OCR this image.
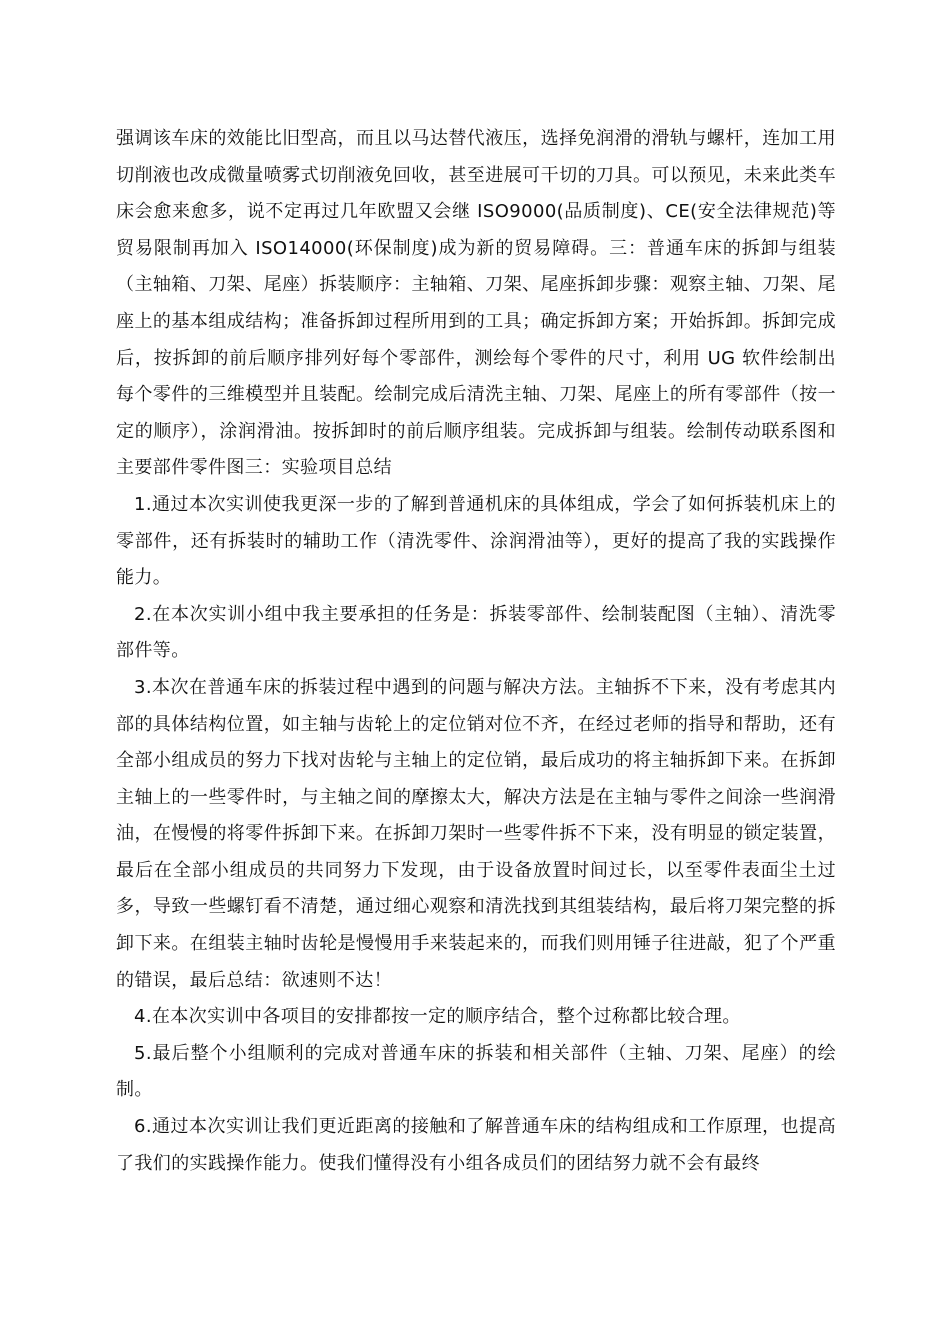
强调该车床的效能比旧型高，而且以马达替代液压，选择免润滑的滑轨与螺杆，连加工用切削液也改成微量喷雾式切削液免回收，甚至进展可干切的刀具。可以预见，未来此类车床会愈来愈多，说不定再过几年欧盟又会继 ISO9000(品质制度)、CE(安全法律规范)等贸易限制再加入 ISO14000(环保制度)成为新的贸易障碍。三：普通车床的拆卸与组装（主轴箱、刀架、尾座）拆装顺序：主轴箱、刀架、尾座拆卸步骤：观察主轴、刀架、尾座上的基本组成结构；准备拆卸过程所用到的工具；确定拆卸方案；开始拆卸。拆卸完成后，按拆卸的前后顺序排列好每个零部件，测绘每个零件的尺寸，利用 UG 软件绘制出每个零件的三维模型并且装配。绘制完成后清洗主轴、刀架、尾座上的所有零部件（按一定的顺序），涂润滑油。按拆卸时的前后顺序组装。完成拆卸与组装。绘制传动联系图和主要部件零件图三：实验项目总结

1.通过本次实训使我更深一步的了解到普通机床的具体组成，学会了如何拆装机床上的零部件，还有拆装时的辅助工作（清洗零件、涂润滑油等），更好的提高了我的实践操作能力。

2.在本次实训小组中我主要承担的任务是：拆装零部件、绘制装配图（主轴）、清洗零部件等。

3.本次在普通车床的拆装过程中遇到的问题与解决方法。主轴拆不下来，没有考虑其内部的具体结构位置，如主轴与齿轮上的定位销对位不齐，在经过老师的指导和帮助，还有全部小组成员的努力下找对齿轮与主轴上的定位销，最后成功的将主轴拆卸下来。在拆卸主轴上的一些零件时，与主轴之间的摩擦太大，解决方法是在主轴与零件之间涂一些润滑油，在慢慢的将零件拆卸下来。在拆卸刀架时一些零件拆不下来，没有明显的锁定装置，最后在全部小组成员的共同努力下发现，由于设备放置时间过长，以至零件表面尘土过多，导致一些螺钉看不清楚，通过细心观察和清洗找到其组装结构，最后将刀架完整的拆卸下来。在组装主轴时齿轮是慢慢用手来装起来的，而我们则用锤子往进敲，犯了个严重的错误，最后总结：欲速则不达！

4.在本次实训中各项目的安排都按一定的顺序结合，整个过称都比较合理。

5.最后整个小组顺利的完成对普通车床的拆装和相关部件（主轴、刀架、尾座）的绘制。

6.通过本次实训让我们更近距离的接触和了解普通车床的结构组成和工作原理，也提高了我们的实践操作能力。使我们懂得没有小组各成员们的团结努力就不会有最终
